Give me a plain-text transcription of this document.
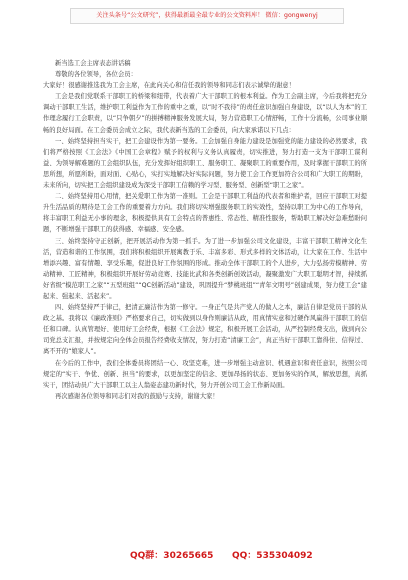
关注头条号“公文研究”，获得最新最全最专业的公文资料库！ 微信：gongwenyj

新当选工会主席表态讲话稿

尊敬的各位领导，各位会员：

大家好！很感谢推选我为工会主席，在此向关心和信任我的领导和同志们表示诚挚的谢意！

工会是我们党联系干部职工的桥梁和纽带，代表着广大干部职工的根本利益。作为工会副主席，今后我将把充分调动干部职工生活，维护职工利益作为工作的重中之重，以“时不我待”的责任意识加强自身建设，以“以人为本”的工作理念履行工会职责，以“只争朝夕”的拼搏精神服务发展大局，努力营造职工心情舒畅，工作十分流畅，公司事业顺畅的良好局面。在工会委员会成立之际，我代表新当选的工会委员，向大家承诺以下几点：

一、始终坚持担当实干，把工会建设作为第一要务。工会加强自身能力建设是加强党的能力建设的必然要求，我们将严格按照《工会法》《中国工会章程》赋予的权利与义务认真履责，切实推进，努力打造一支为干部职工谋利益、为领导解难题的工会组织队伍，充分发挥好组织职工、服务职工、凝聚职工的重要作用，及时掌握干部职工的所思所想，所愿所盼，面对面、心贴心，实打实地解决好实际问题，努力使工会工作更加符合公司和广大职工的期盼，未来所向，切实把工会组织建设成为深受干部职工信赖的学习型、服务型、创新型“职工之家”。

二、始终坚持用心用情，把关爱职工作为第一准则。工会是干部职工利益的代表者和维护者，回应干部职工对提升生活品质的期待是工会工作的重要着力方向。我们将切实增强服务职工的实效性，坚持以职工为中心的工作导向，将丰富职工利益无小事的理念，积极提供具有工会特点的普惠性、常态性、精准性服务，帮助职工解决好急难愁盼问题，不断增强干部职工的获得感、幸福感、安全感。

三、始终坚持守正创新，把开展活动作为第一抓手。为了进一步加强公司文化建设，丰富干部职工精神文化生活，营造和谐的工作氛围，我们将积极组织开展寓教于乐、丰富多彩、形式多样的文体活动，让大家在工作、生活中增添兴趣、富有情趣、享受乐趣，促进良好工作氛围的形成。推动全体干部职工的个人进步，大力弘扬劳模精神、劳动精神、工匠精神，积极组织开展好劳动竞赛、技能比武和各类创新创效活动，凝聚激发广大职工聪明才智，持续抓好省级“模范职工之家”“五型班组”“QC创新活动”建设，巩固提升“梦桃班组”“青年文明号”创建成果，努力使工会“建起来、强起来、活起来”。

四、始终坚持严于律己，把清正廉洁作为第一修守。一身正气是共产党人的做人之本，廉洁自律是党员干部的从政之基。我将以《廉政准则》严格要求自己，切实做到以身作则廉洁从政，用真情实意和过硬作风赢得干部职工的信任和口碑。认真管理好、使用好工会经费，根据《工会法》规定，积极开展工会活动，从严控制经费支出，做到向公司党总支汇报，并按规定向全体会员报告经费收支情况，努力打造“清廉工会”，真正当好干部职工靠得住、信得过、离不开的“娘家人”。

在今后的工作中，我们全体委员将团结一心、攻坚克难，进一步增强主动意识、机遇意识和责任意识，按照公司规定的“实干、争优、创新、担当”的要求，以更加坚定的信念、更加昂扬的状态、更加务实的作风，解放思想，真抓实干，团结动员广大干部职工以主人翁姿态建功新时代，努力开创公司工会工作新局面。

再次感谢各位领导和同志们对我的鼓励与支持，谢谢大家！

QQ群：30265665 QQ：535304092
